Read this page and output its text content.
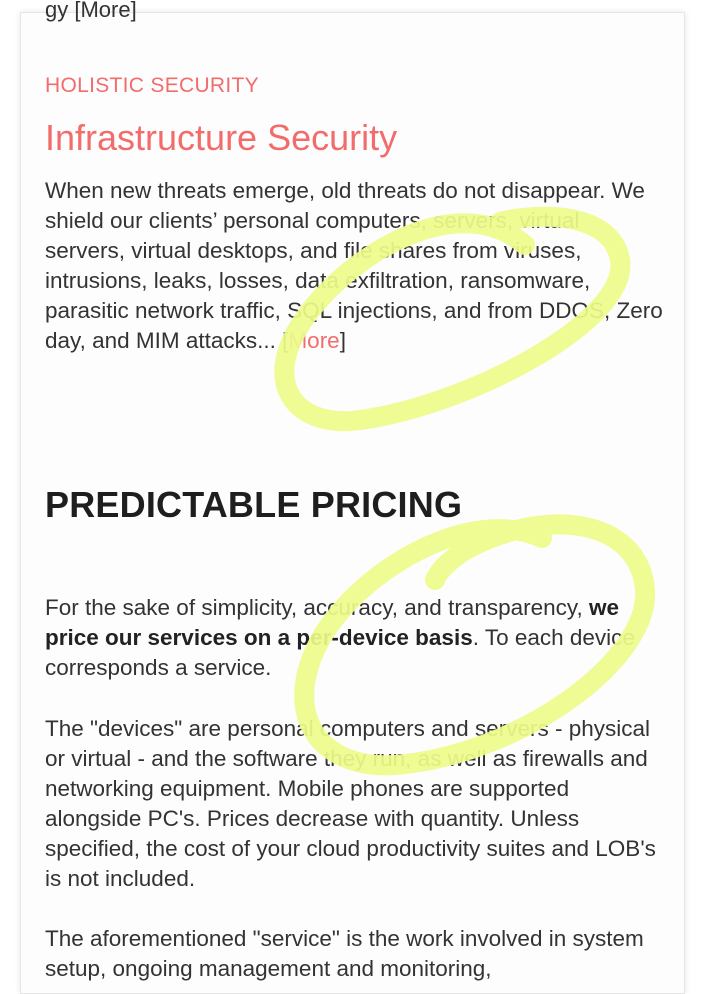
gy [More]

HOLISTIC SECURITY

Infrastructure Security

When new threats emerge, old threats do not disappear. We shield our clients’ personal computers, servers, virtual servers, virtual desktops, and file shares from viruses, intrusions, leaks, losses, data exfiltration, ransomware, parasitic network traffic, SQL injections, and from DDOS, Zero day, and MIM attacks... [More]

PREDICTABLE PRICING

For the sake of simplicity, accuracy, and transparency, we price our services on a per-device basis. To each device corresponds a service.

The "devices" are personal computers and servers - physical or virtual - and the software they run, as well as firewalls and networking equipment. Mobile phones are supported alongside PC's. Prices decrease with quantity. Unless specified, the cost of your cloud productivity suites and LOB's is not included.

The aforementioned "service" is the work involved in system setup, ongoing management and monitoring,
